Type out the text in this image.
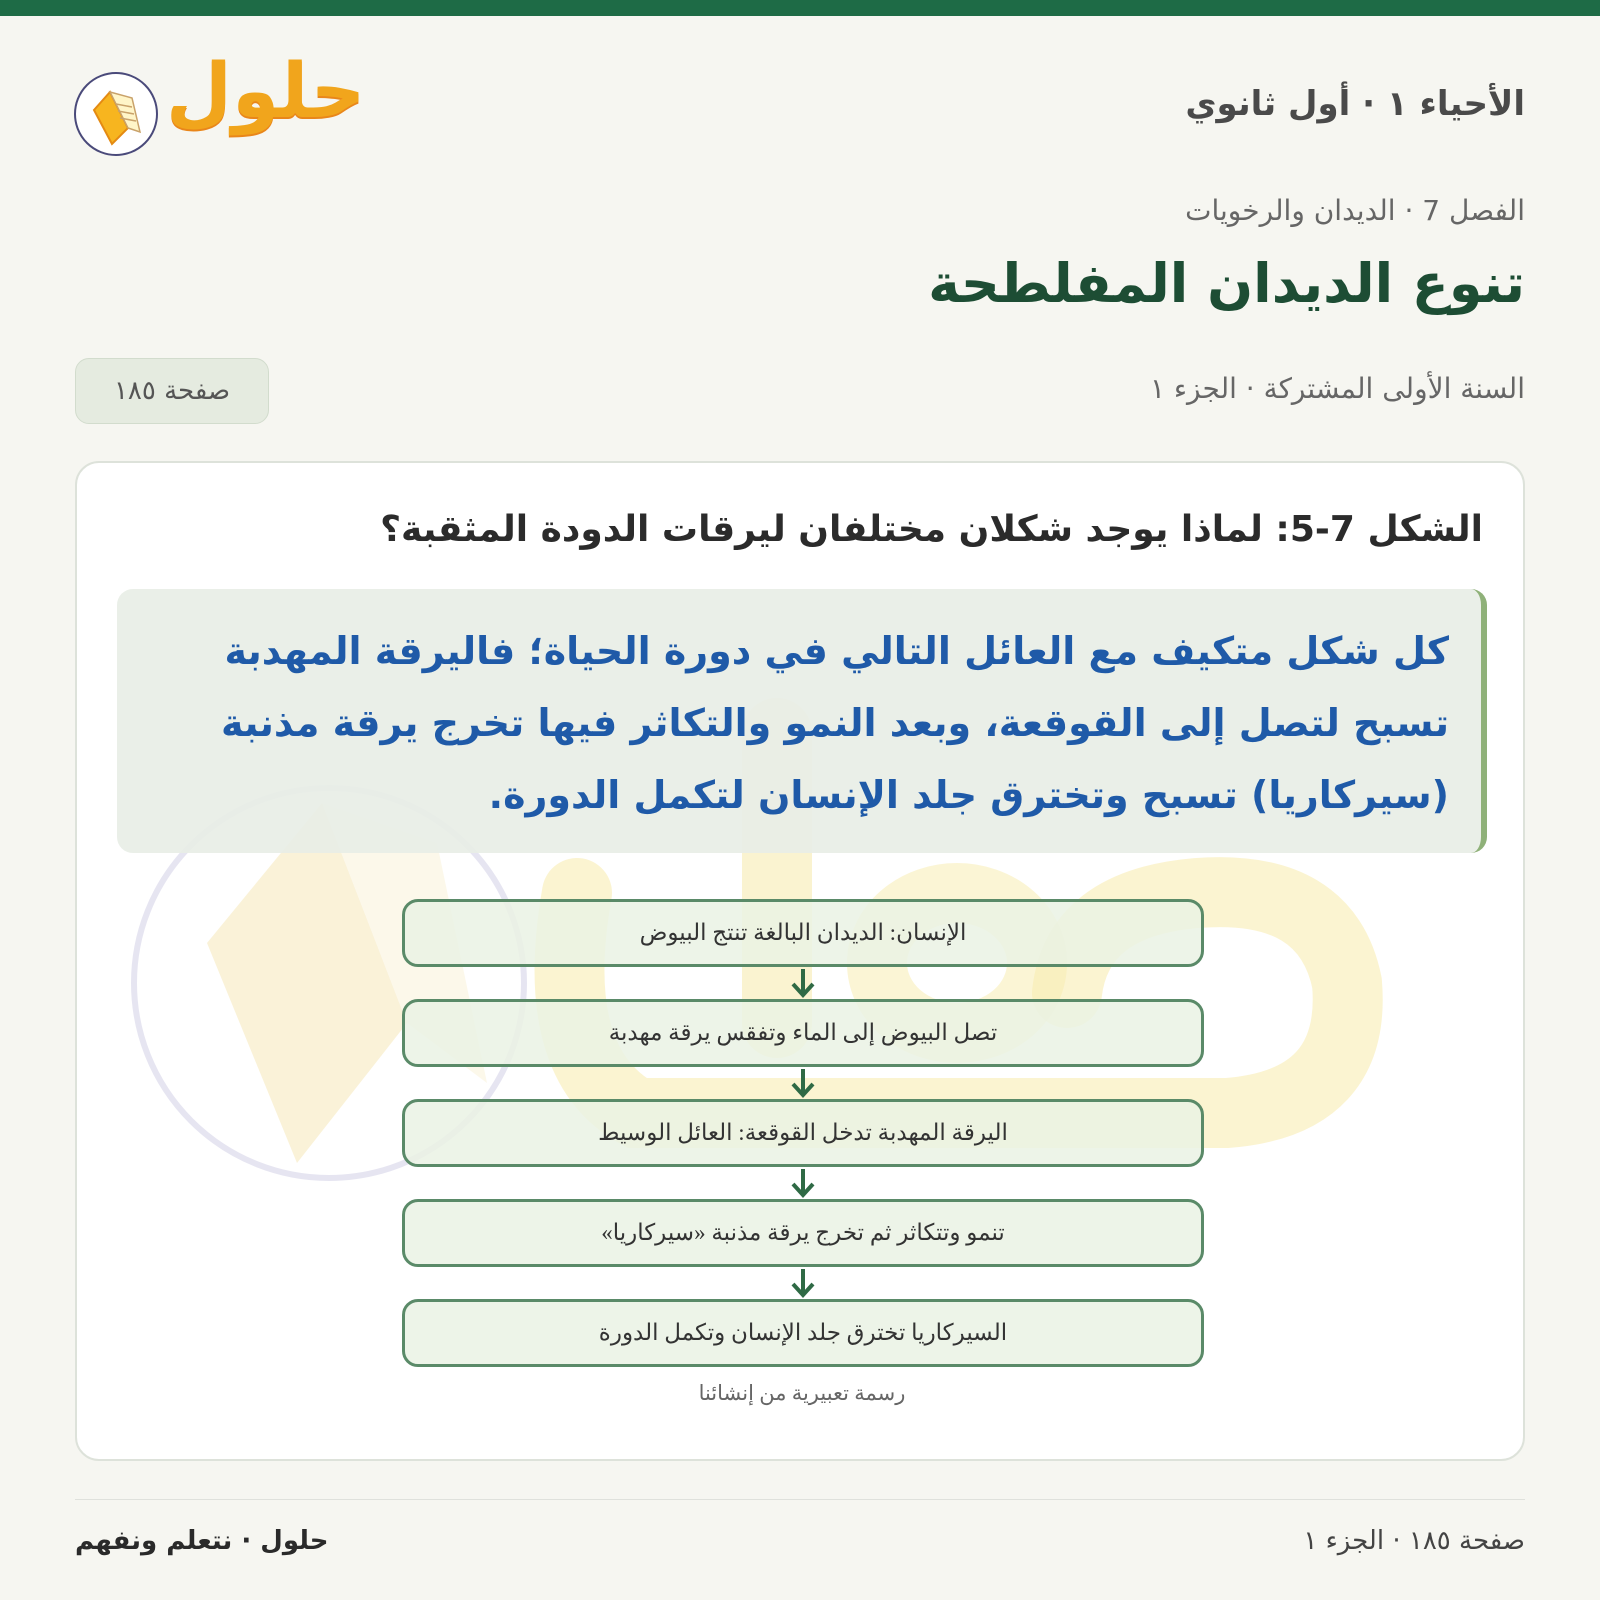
الأحياء ١ · أول ثانوي
حلول
الفصل 7 · الديدان والرخويات
تنوع الديدان المفلطحة
السنة الأولى المشتركة · الجزء ١
صفحة ١٨٥
الشكل 7-5: لماذا يوجد شكلان مختلفان ليرقات الدودة المثقبة؟

كل شكل متكيف مع العائل التالي في دورة الحياة؛ فاليرقة المهدبة تسبح لتصل إلى القوقعة، وبعد النمو والتكاثر فيها تخرج يرقة مذنبة (سيركاريا) تسبح وتخترق جلد الإنسان لتكمل الدورة.

الإنسان: الديدان البالغة تنتج البيوض
تصل البيوض إلى الماء وتفقس يرقة مهدبة
اليرقة المهدبة تدخل القوقعة: العائل الوسيط
تنمو وتتكاثر ثم تخرج يرقة مذنبة «سيركاريا»
السيركاريا تخترق جلد الإنسان وتكمل الدورة
رسمة تعبيرية من إنشائنا
صفحة ١٨٥ · الجزء ١
حلول · نتعلم ونفهم
